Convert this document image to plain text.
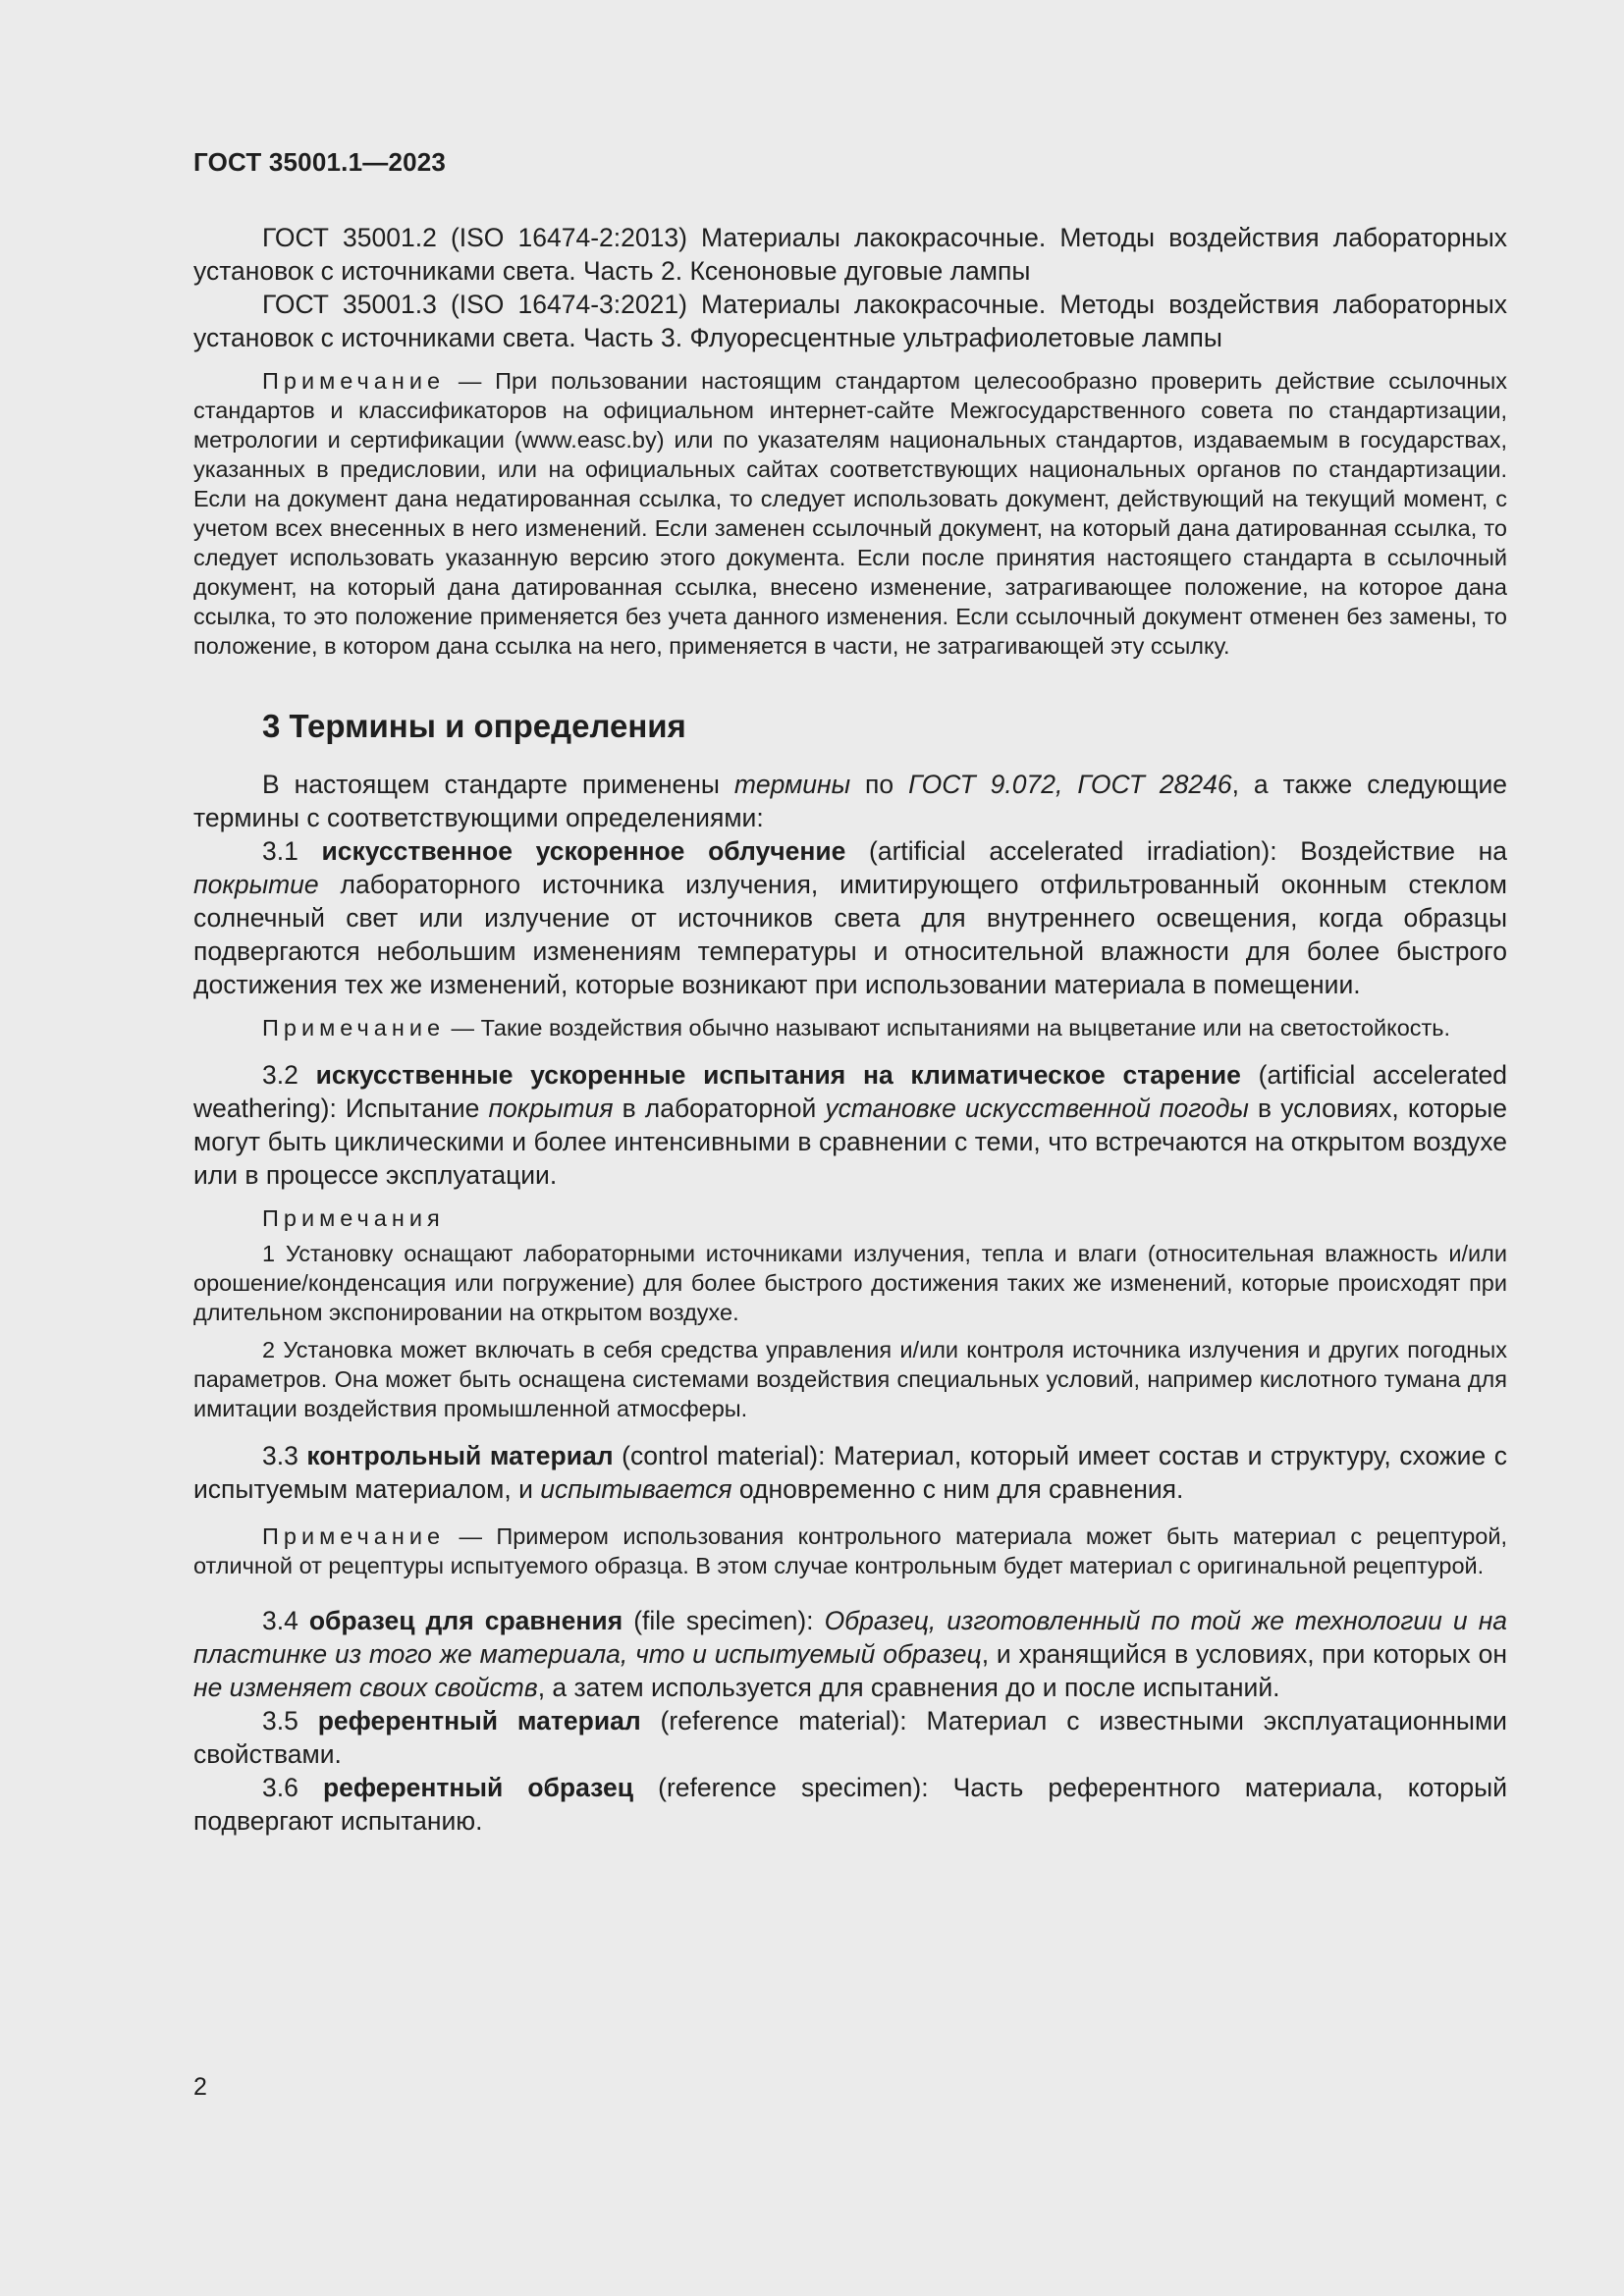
ГОСТ 35001.1—2023

ГОСТ 35001.2 (ISO 16474-2:2013) Материалы лакокрасочные. Методы воздействия лабораторных установок с источниками света. Часть 2. Ксеноновые дуговые лампы

ГОСТ 35001.3 (ISO 16474-3:2021) Материалы лакокрасочные. Методы воздействия лабораторных установок с источниками света. Часть 3. Флуоресцентные ультрафиолетовые лампы

Примечание — При пользовании настоящим стандартом целесообразно проверить действие ссылочных стандартов и классификаторов на официальном интернет-сайте Межгосударственного совета по стандартизации, метрологии и сертификации (www.easc.by) или по указателям национальных стандартов, издаваемым в государствах, указанных в предисловии, или на официальных сайтах соответствующих национальных органов по стандартизации. Если на документ дана недатированная ссылка, то следует использовать документ, действующий на текущий момент, с учетом всех внесенных в него изменений. Если заменен ссылочный документ, на который дана датированная ссылка, то следует использовать указанную версию этого документа. Если после принятия настоящего стандарта в ссылочный документ, на который дана датированная ссылка, внесено изменение, затрагивающее положение, на которое дана ссылка, то это положение применяется без учета данного изменения. Если ссылочный документ отменен без замены, то положение, в котором дана ссылка на него, применяется в части, не затрагивающей эту ссылку.

3 Термины и определения

В настоящем стандарте применены термины по ГОСТ 9.072, ГОСТ 28246, а также следующие термины с соответствующими определениями:

3.1 искусственное ускоренное облучение (artificial accelerated irradiation): Воздействие на покрытие лабораторного источника излучения, имитирующего отфильтрованный оконным стеклом солнечный свет или излучение от источников света для внутреннего освещения, когда образцы подвергаются небольшим изменениям температуры и относительной влажности для более быстрого достижения тех же изменений, которые возникают при использовании материала в помещении.

Примечание — Такие воздействия обычно называют испытаниями на выцветание или на светостойкость.

3.2 искусственные ускоренные испытания на климатическое старение (artificial accelerated weathering): Испытание покрытия в лабораторной установке искусственной погоды в условиях, которые могут быть циклическими и более интенсивными в сравнении с теми, что встречаются на открытом воздухе или в процессе эксплуатации.

Примечания

1 Установку оснащают лабораторными источниками излучения, тепла и влаги (относительная влажность и/или орошение/конденсация или погружение) для более быстрого достижения таких же изменений, которые происходят при длительном экспонировании на открытом воздухе.

2 Установка может включать в себя средства управления и/или контроля источника излучения и других погодных параметров. Она может быть оснащена системами воздействия специальных условий, например кислотного тумана для имитации воздействия промышленной атмосферы.

3.3 контрольный материал (control material): Материал, который имеет состав и структуру, схожие с испытуемым материалом, и испытывается одновременно с ним для сравнения.

Примечание — Примером использования контрольного материала может быть материал с рецептурой, отличной от рецептуры испытуемого образца. В этом случае контрольным будет материал с оригинальной рецептурой.

3.4 образец для сравнения (file specimen): Образец, изготовленный по той же технологии и на пластинке из того же материала, что и испытуемый образец, и хранящийся в условиях, при которых он не изменяет своих свойств, а затем используется для сравнения до и после испытаний.

3.5 референтный материал (reference material): Материал с известными эксплуатационными свойствами.

3.6 референтный образец (reference specimen): Часть референтного материала, который подвергают испытанию.

2
